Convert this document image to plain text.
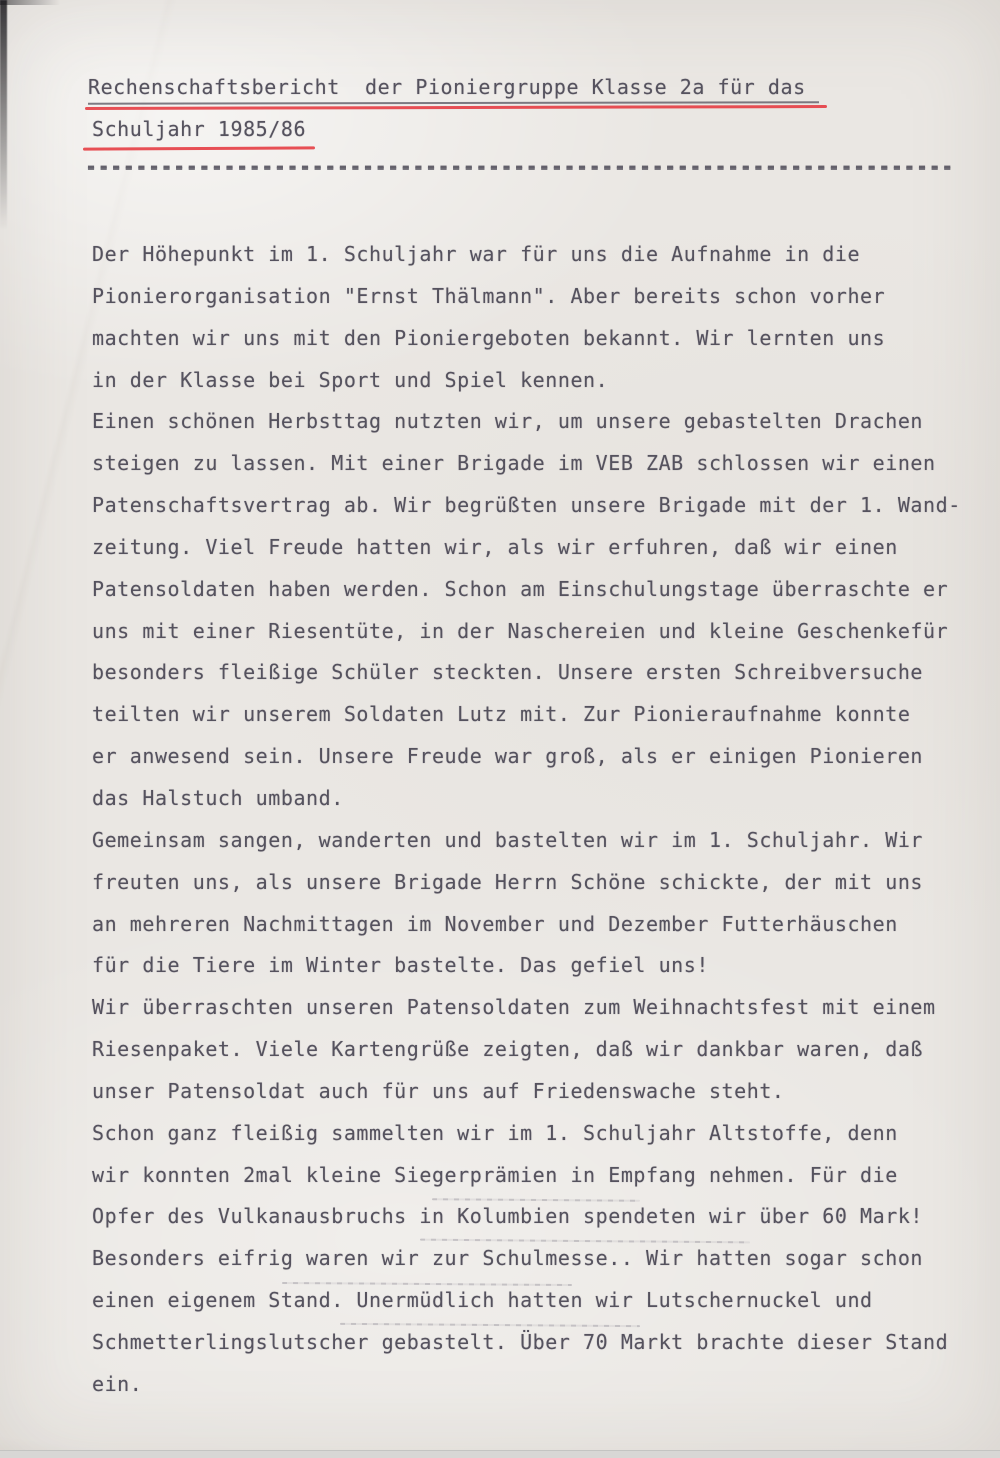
Rechenschaftsbericht  der Pioniergruppe Klasse 2a für das
Schuljahr 1985/86
---------------------------------------------------------------------
Der Höhepunkt im 1. Schuljahr war für uns die Aufnahme in die
Pionierorganisation "Ernst Thälmann". Aber bereits schon vorher
machten wir uns mit den Pioniergeboten bekannt. Wir lernten uns
in der Klasse bei Sport und Spiel kennen.
Einen schönen Herbsttag nutzten wir, um unsere gebastelten Drachen
steigen zu lassen. Mit einer Brigade im VEB ZAB schlossen wir einen
Patenschaftsvertrag ab. Wir begrüßten unsere Brigade mit der 1. Wand-
zeitung. Viel Freude hatten wir, als wir erfuhren, daß wir einen
Patensoldaten haben werden. Schon am Einschulungstage überraschte er
uns mit einer Riesentüte, in der Naschereien und kleine Geschenkefür
besonders fleißige Schüler steckten. Unsere ersten Schreibversuche
teilten wir unserem Soldaten Lutz mit. Zur Pionieraufnahme konnte
er anwesend sein. Unsere Freude war groß, als er einigen Pionieren
das Halstuch umband.
Gemeinsam sangen, wanderten und bastelten wir im 1. Schuljahr. Wir
freuten uns, als unsere Brigade Herrn Schöne schickte, der mit uns
an mehreren Nachmittagen im November und Dezember Futterhäuschen
für die Tiere im Winter bastelte. Das gefiel uns!
Wir überraschten unseren Patensoldaten zum Weihnachtsfest mit einem
Riesenpaket. Viele Kartengrüße zeigten, daß wir dankbar waren, daß
unser Patensoldat auch für uns auf Friedenswache steht.
Schon ganz fleißig sammelten wir im 1. Schuljahr Altstoffe, denn
wir konnten 2mal kleine Siegerprämien in Empfang nehmen. Für die
Opfer des Vulkanausbruchs in Kolumbien spendeten wir über 60 Mark!
Besonders eifrig waren wir zur Schulmesse.. Wir hatten sogar schon
einen eigenem Stand. Unermüdlich hatten wir Lutschernuckel und
Schmetterlingslutscher gebastelt. Über 70 Markt brachte dieser Stand
ein.
